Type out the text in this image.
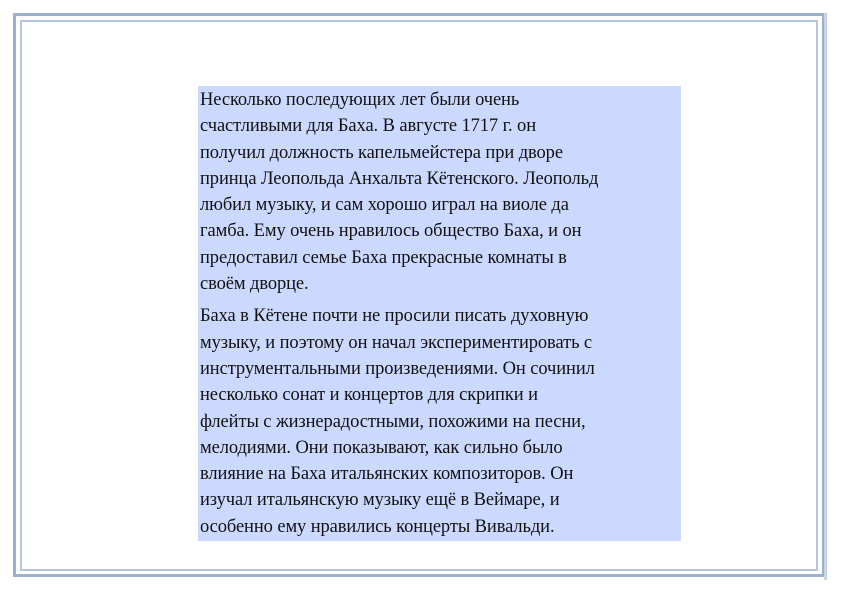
Несколько последующих лет были очень
счастливыми для Баха. В августе 1717 г. он
получил должность капельмейстера при дворе
принца Леопольда Анхальта Кётенского. Леопольд
любил музыку, и сам хорошо играл на виоле да
гамба. Ему очень нравилось общество Баха, и он
предоставил семье Баха прекрасные комнаты в
своём дворце.
Баха в Кётене почти не просили писать духовную
музыку, и поэтому он начал экспериментировать с
инструментальными произведениями. Он сочинил
несколько сонат и концертов для скрипки и
флейты с жизнерадостными, похожими на песни,
мелодиями. Они показывают, как сильно было
влияние на Баха итальянских композиторов. Он
изучал итальянскую музыку ещё в Веймаре, и
особенно ему нравились концерты Вивальди.
